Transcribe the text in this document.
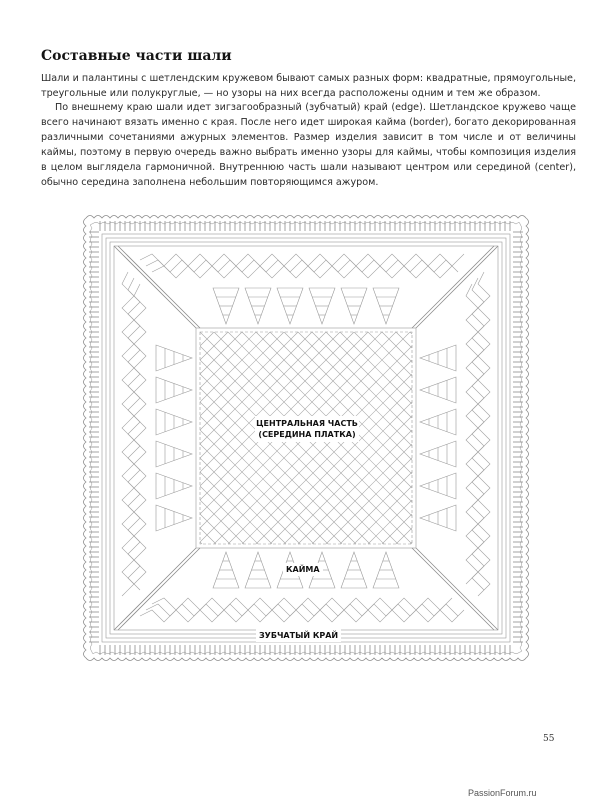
Составные части шали

Шали и палантины с шетлендским кружевом бывают самых разных форм: квадратные, прямоугольные, треугольные или полукруглые, — но узоры на них всегда расположены одним и тем же образом.

По внешнему краю шали идет зигзагообразный (зубчатый) край (edge). Шетландское кружево чаще всего начинают вязать именно с края. После него идет широкая кайма (border), богато декорированная различными сочетаниями ажурных элементов. Размер изделия зависит в том числе и от величины каймы, поэтому в первую очередь важно выбрать именно узоры для каймы, чтобы композиция изделия в целом выглядела гармоничной. Внутреннюю часть шали называют центром или серединой (center), обычно середина заполнена небольшим повторяющимся ажуром.

ЦЕНТРАЛЬНАЯ ЧАСТЬ
(СЕРЕДИНА ПЛАТКА)
КАЙМА
ЗУБЧАТЫЙ КРАЙ
55
PassionForum.ru
